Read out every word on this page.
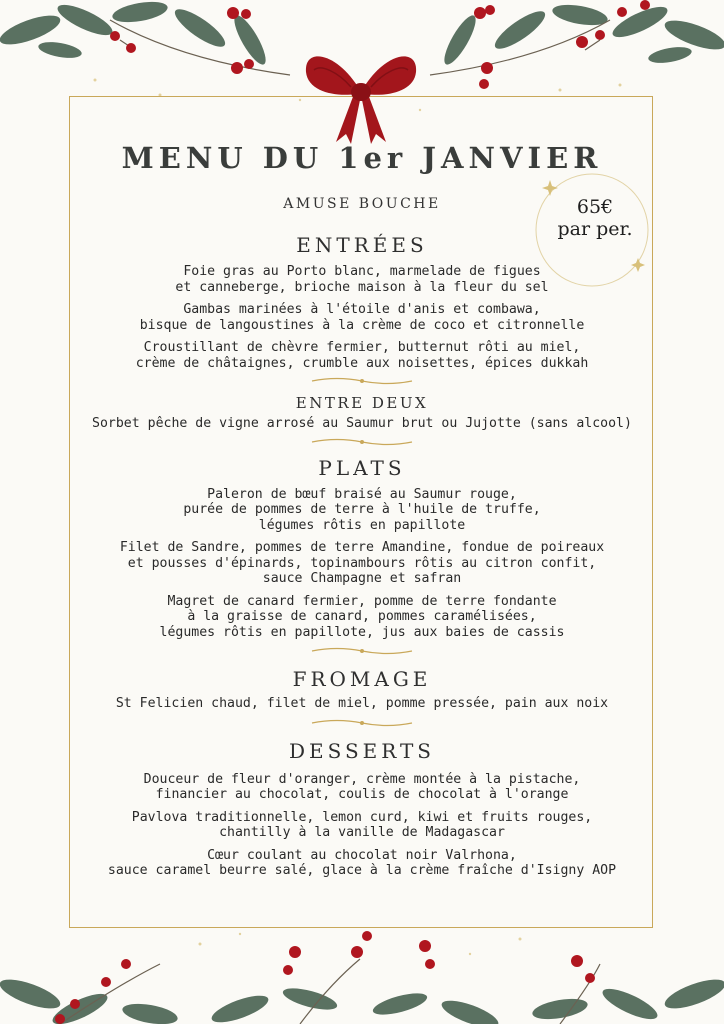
65€
par per.
MENU DU 1er JANVIER
AMUSE BOUCHE
ENTRÉES
Foie gras au Porto blanc, marmelade de figues
et canneberge, brioche maison à la fleur du sel
Gambas marinées à l'étoile d'anis et combawa,
bisque de langoustines à la crème de coco et citronnelle
Croustillant de chèvre fermier, butternut rôti au miel,
crème de châtaignes, crumble aux noisettes, épices dukkah
ENTRE DEUX
Sorbet pêche de vigne arrosé au Saumur brut ou Jujotte (sans alcool)
PLATS
Paleron de bœuf braisé au Saumur rouge,
purée de pommes de terre à l'huile de truffe,
légumes rôtis en papillote
Filet de Sandre, pommes de terre Amandine, fondue de poireaux
et pousses d'épinards, topinambours rôtis au citron confit,
sauce Champagne et safran
Magret de canard fermier, pomme de terre fondante
à la graisse de canard, pommes caramélisées,
légumes rôtis en papillote, jus aux baies de cassis
FROMAGE
St Felicien chaud, filet de miel, pomme pressée, pain aux noix
DESSERTS
Douceur de fleur d'oranger, crème montée à la pistache,
financier au chocolat, coulis de chocolat à l'orange
Pavlova traditionnelle, lemon curd, kiwi et fruits rouges,
chantilly à la vanille de Madagascar
Cœur coulant au chocolat noir Valrhona,
sauce caramel beurre salé, glace à la crème fraîche d'Isigny AOP
